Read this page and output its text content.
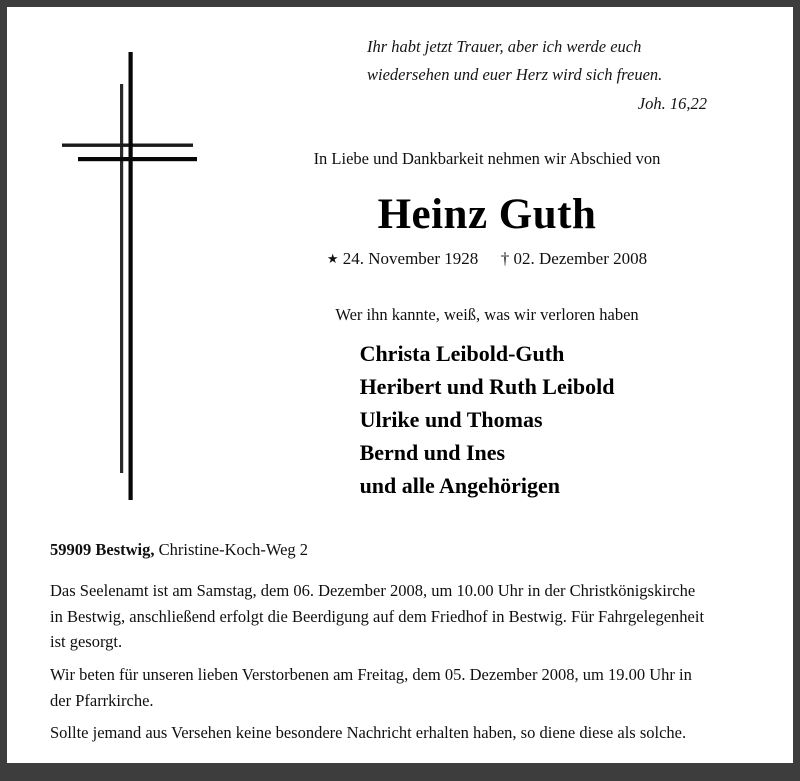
Ihr habt jetzt Trauer, aber ich werde euch
wiedersehen und euer Herz wird sich freuen.
Joh. 16,22
In Liebe und Dankbarkeit nehmen wir Abschied von
Heinz Guth
★ 24. November 1928 † 02. Dezember 2008
Wer ihn kannte, weiß, was wir verloren haben
Christa Leibold-Guth
Heribert und Ruth Leibold
Ulrike und Thomas
Bernd und Ines
und alle Angehörigen
59909 Bestwig, Christine-Koch-Weg 2
Das Seelenamt ist am Samstag, dem 06. Dezember 2008, um 10.00 Uhr in der Christkönigskirche in Bestwig, anschließend erfolgt die Beerdigung auf dem Friedhof in Bestwig. Für Fahrgelegenheit ist gesorgt.
Wir beten für unseren lieben Verstorbenen am Freitag, dem 05. Dezember 2008, um 19.00 Uhr in der Pfarrkirche.
Sollte jemand aus Versehen keine besondere Nachricht erhalten haben, so diene diese als solche.
